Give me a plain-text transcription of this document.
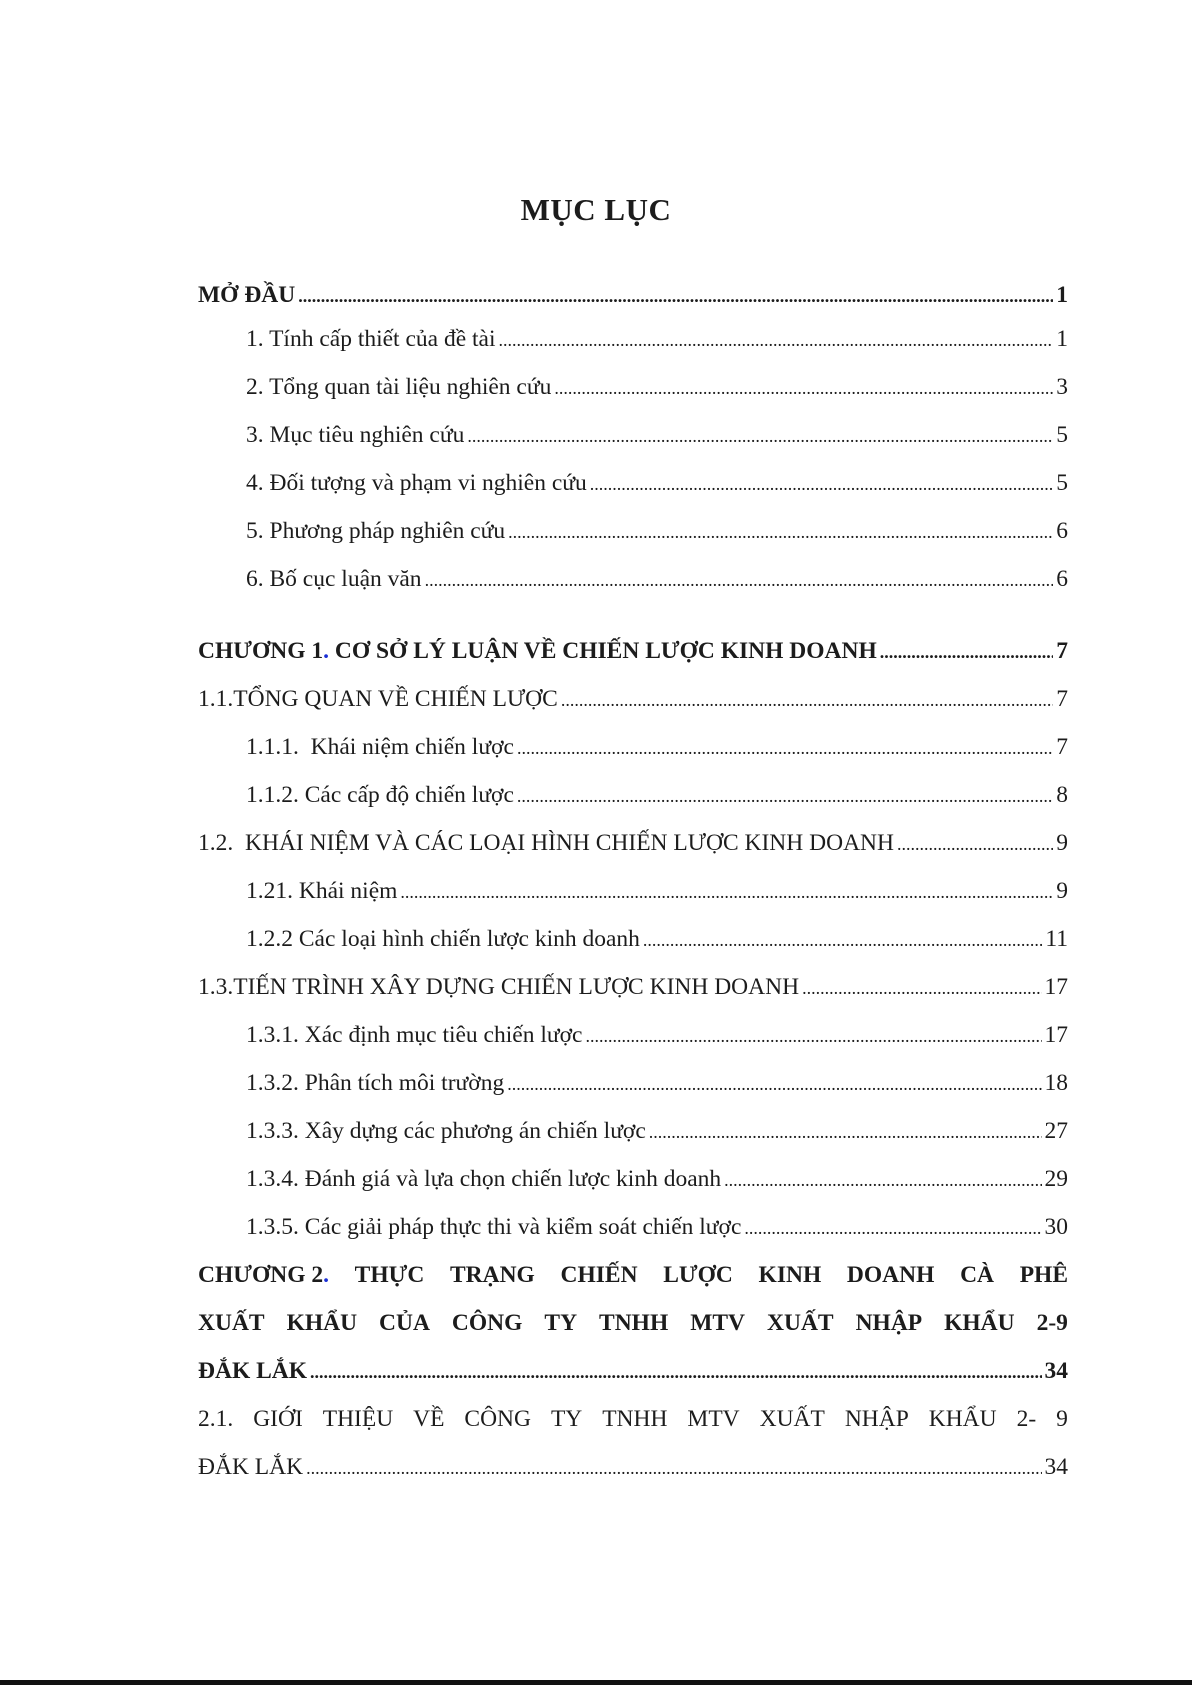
MỤC LỤC
MỞ ĐẦU .....	1
1. Tính cấp thiết của đề tài .....	1
2. Tổng quan tài liệu nghiên cứu .....	3
3. Mục tiêu nghiên cứu .....	5
4. Đối tượng và phạm vi nghiên cứu .....	5
5. Phương pháp nghiên cứu .....	6
6. Bố cục luận văn .....	6
CHƯƠNG 1. CƠ SỞ LÝ LUẬN VỀ CHIẾN LƯỢC KINH DOANH .....	7
1.1.TỔNG QUAN VỀ CHIẾN LƯỢC .....	7
1.1.1.  Khái niệm chiến lược .....	7
1.1.2. Các cấp độ chiến lược .....	8
1.2.  KHÁI NIỆM VÀ CÁC LOẠI HÌNH CHIẾN LƯỢC KINH DOANH .....	9
1.21. Khái niệm .....	9
1.2.2 Các loại hình chiến lược kinh doanh .....	11
1.3.TIẾN TRÌNH XÂY DỰNG CHIẾN LƯỢC KINH DOANH .....	17
1.3.1. Xác định mục tiêu chiến lược .....	17
1.3.2. Phân tích môi trường .....	18
1.3.3. Xây dựng các phương án chiến lược .....	27
1.3.4. Đánh giá và lựa chọn chiến lược kinh doanh .....	29
1.3.5. Các giải pháp thực thi và kiểm soát chiến lược .....	30
CHƯƠNG 2. THỰC TRẠNG CHIẾN LƯỢC KINH DOANH CÀ PHÊ
XUẤT KHẨU CỦA CÔNG TY TNHH MTV XUẤT NHẬP KHẨU 2-9
ĐẮK LẮK .....	34
2.1. GIỚI THIỆU VỀ CÔNG TY TNHH MTV XUẤT NHẬP KHẨU 2- 9
ĐẮK LẮK .....	34
